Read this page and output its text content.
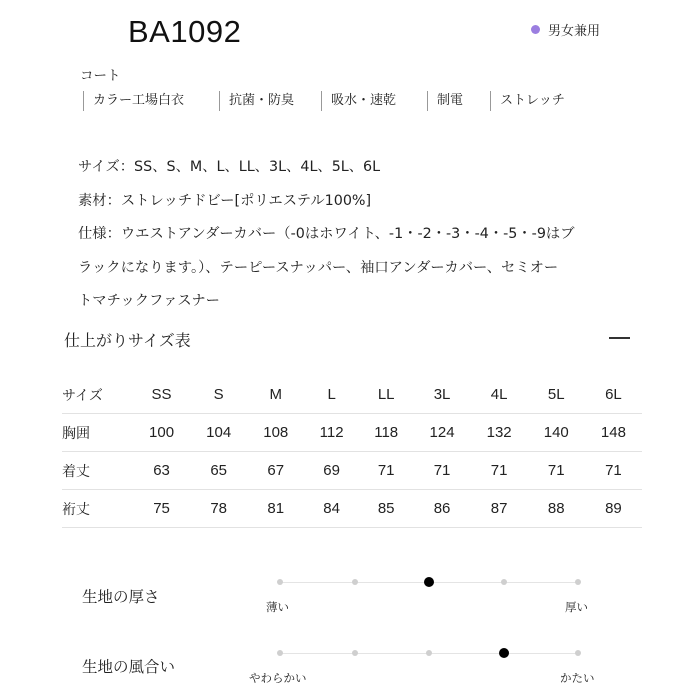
BA1092	男女兼用
コート
カラー工場白衣	抗菌・防臭	吸水・速乾	制電	ストレッチ
サイズ：SS、S、M、L、LL、3L、4L、5L、6L
素材：ストレッチドビー[ポリエステル100%]
仕様：ウエストアンダーカバー（-0はホワイト、-1・-2・-3・-4・-5・-9はブ
ラックになります。）、テーピースナッパー、袖口アンダーカバー、セミオー
トマチックファスナー
仕上がりサイズ表
サイズ	SS	S	M	L	LL	3L	4L	5L	6L
胸囲	100	104	108	112	118	124	132	140	148
着丈	63	65	67	69	71	71	71	71	71
裄丈	75	78	81	84	85	86	87	88	89
生地の厚さ
薄い	厚い
生地の風合い
やわらかい	かたい
